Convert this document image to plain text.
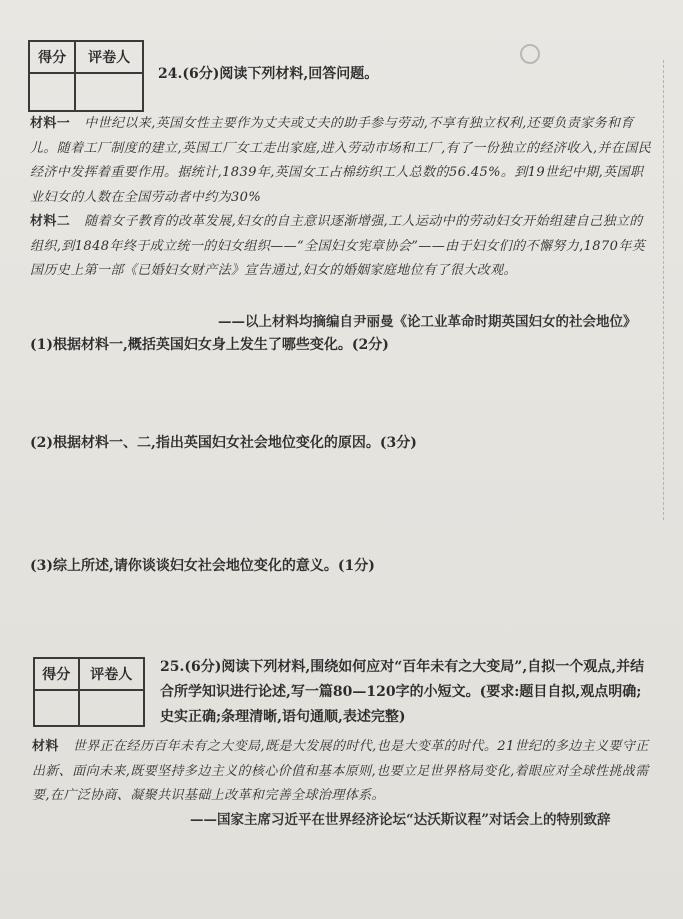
得分	评卷人

24.(6分)阅读下列材料,回答问题。
材料一 中世纪以来,英国女性主要作为丈夫或丈夫的助手参与劳动,不享有独立权利,还要负责家务和育儿。随着工厂制度的建立,英国工厂女工走出家庭,进入劳动市场和工厂,有了一份独立的经济收入,并在国民经济中发挥着重要作用。据统计,1839年,英国女工占棉纺织工人总数的56.45%。到19世纪中期,英国职业妇女的人数在全国劳动者中约为30%
材料二 随着女子教育的改革发展,妇女的自主意识逐渐增强,工人运动中的劳动妇女开始组建自己独立的组织,到1848年终于成立统一的妇女组织——“全国妇女宪章协会”——由于妇女们的不懈努力,1870年英国历史上第一部《已婚妇女财产法》宣告通过,妇女的婚姻家庭地位有了很大改观。
——以上材料均摘编自尹丽曼《论工业革命时期英国妇女的社会地位》
(1)根据材料一,概括英国妇女身上发生了哪些变化。(2分)
(2)根据材料一、二,指出英国妇女社会地位变化的原因。(3分)
(3)综上所述,请你谈谈妇女社会地位变化的意义。(1分)
得分	评卷人
	25.(6分)阅读下列材料,围绕如何应对“百年未有之大变局”,自拟一个观点,并结合所学知识进行论述,写一篇80—120字的小短文。(要求:题目自拟,观点明确;史实正确;条理清晰,语句通顺,表述完整)
材料 世界正在经历百年未有之大变局,既是大发展的时代,也是大变革的时代。21世纪的多边主义要守正出新、面向未来,既要坚持多边主义的核心价值和基本原则,也要立足世界格局变化,着眼应对全球性挑战需要,在广泛协商、凝聚共识基础上改革和完善全球治理体系。
——国家主席习近平在世界经济论坛“达沃斯议程”对话会上的特别致辞
